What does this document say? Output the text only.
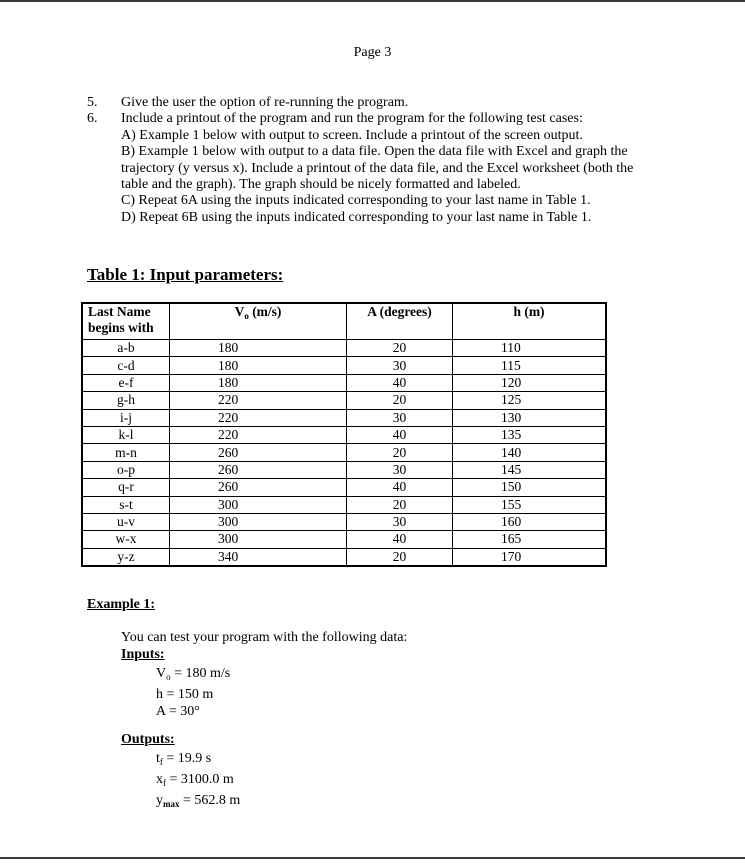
Page 3
5.	Give the user the option of re-running the program.
6.	Include a printout of the program and run the program for the following test cases:
A) Example 1 below with output to screen. Include a printout of the screen output.
B) Example 1 below with output to a data file. Open the data file with Excel and graph the
trajectory (y versus x). Include a printout of the data file, and the Excel worksheet (both the
table and the graph). The graph should be nicely formatted and labeled.
C) Repeat 6A using the inputs indicated corresponding to your last name in Table 1.
D) Repeat 6B using the inputs indicated corresponding to your last name in Table 1.
Table 1: Input parameters:
Last Name begins with	$V_o$ (m/s)	A (degrees)	h (m)
a-b	180	20	110
c-d	180	30	115
e-f	180	40	120
g-h	220	20	125
i-j	220	30	130
k-l	220	40	135
m-n	260	20	140
o-p	260	30	145
q-r	260	40	150
s-t	300	20	155
u-v	300	30	160
w-x	300	40	165
y-z	340	20	170
Example 1:
You can test your program with the following data:
Inputs:
$V_o = 180$ m/s
h = 150 m
A = 30°
Outputs:
$t_f = 19.9$ s
$x_f = 3100.0$ m
$y_{max} = 562.8$ m
